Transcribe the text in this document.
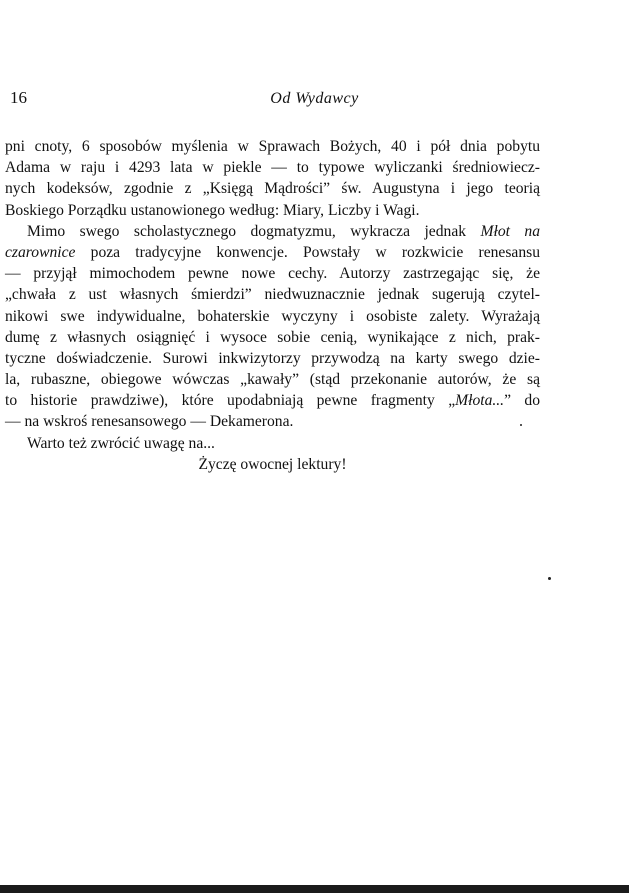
16	Od Wydawcy
pni cnoty, 6 sposobów myślenia w Sprawach Bożych, 40 i pół dnia pobytu
Adama w raju i 4293 lata w piekle — to typowe wyliczanki średniowiecz-
nych kodeksów, zgodnie z „Księgą Mądrości” św. Augustyna i jego teorią
Boskiego Porządku ustanowionego według: Miary, Liczby i Wagi.
Mimo swego scholastycznego dogmatyzmu, wykracza jednak Młot na
czarownice poza tradycyjne konwencje. Powstały w rozkwicie renesansu
— przyjął mimochodem pewne nowe cechy. Autorzy zastrzegając się, że
„chwała z ust własnych śmierdzi” niedwuznacznie jednak sugerują czytel-
nikowi swe indywidualne, bohaterskie wyczyny i osobiste zalety. Wyrażają
dumę z własnych osiągnięć i wysoce sobie cenią, wynikające z nich, prak-
tyczne doświadczenie. Surowi inkwizytorzy przywodzą na karty swego dzie-
la, rubaszne, obiegowe wówczas „kawały” (stąd przekonanie autorów, że są
to historie prawdziwe), które upodabniają pewne fragmenty „Młota...” do
— na wskroś renesansowego — Dekamerona.
Warto też zwrócić uwagę na...
Życzę owocnej lektury!
